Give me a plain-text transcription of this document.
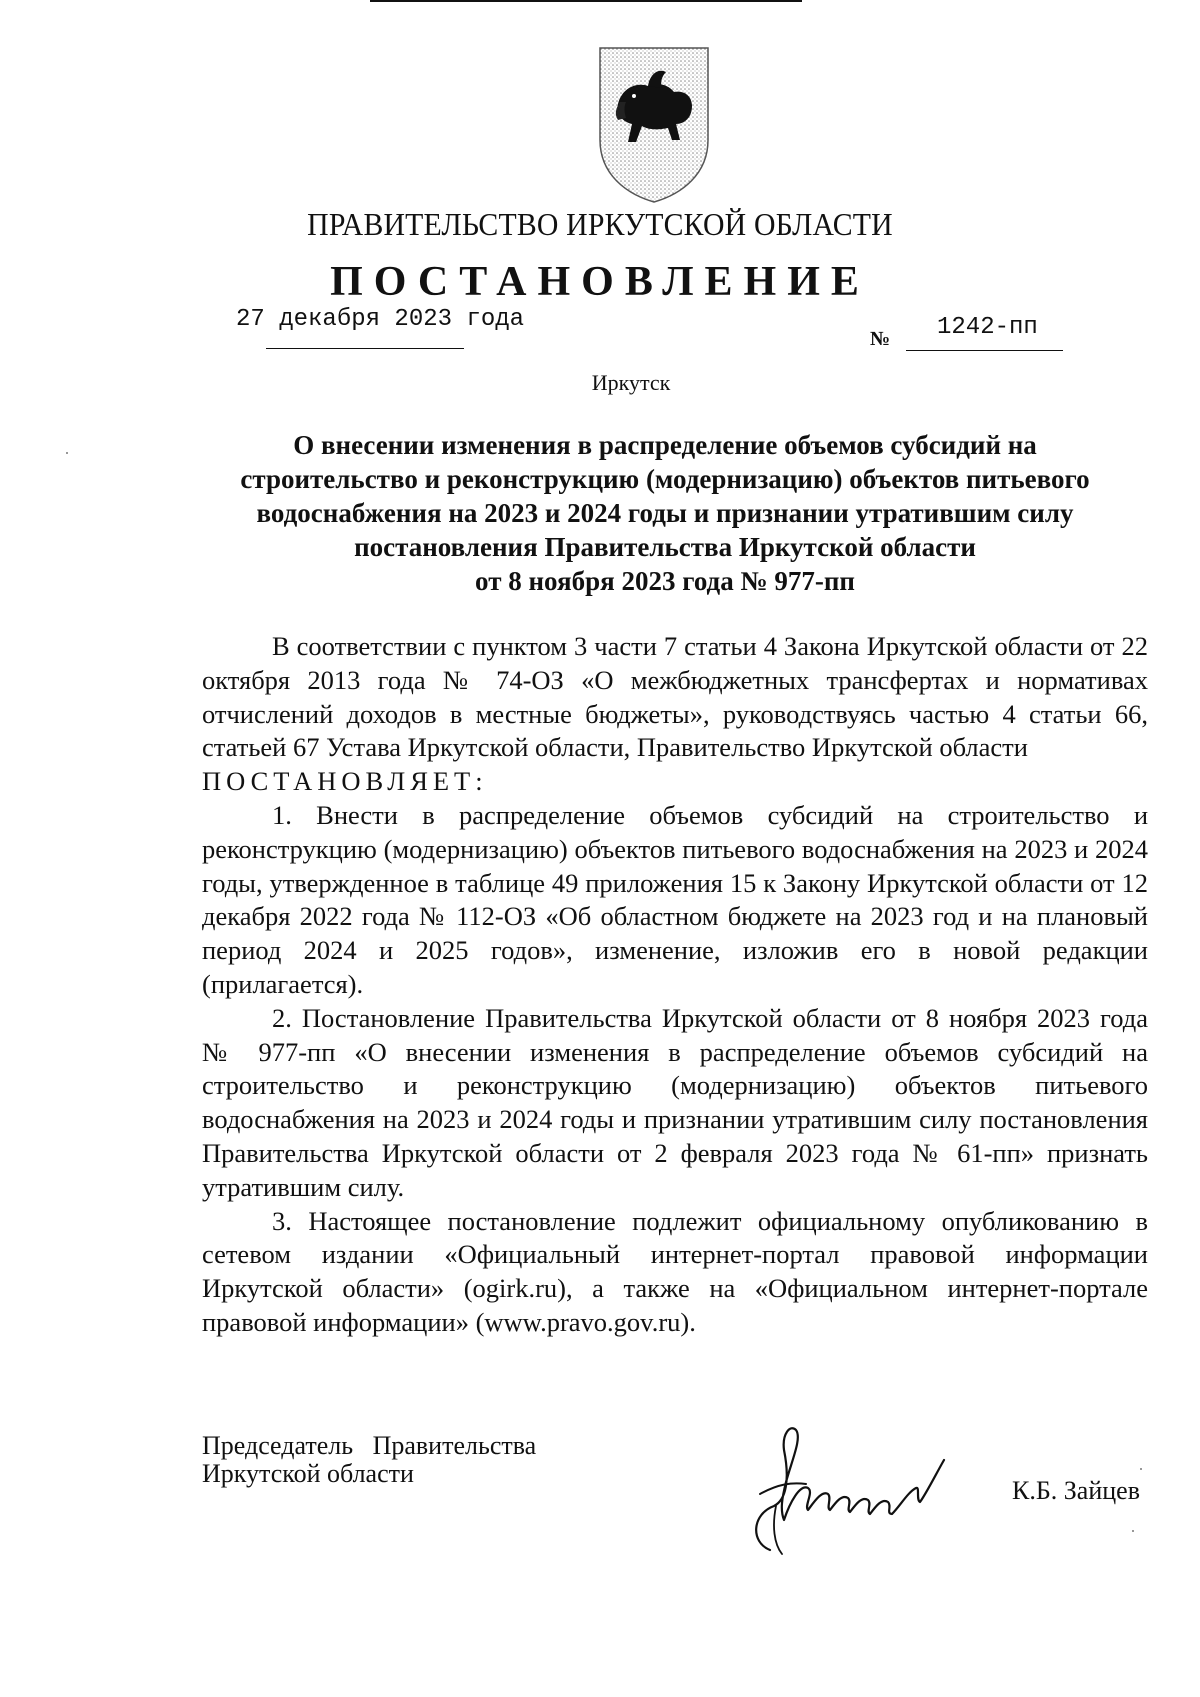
ПРАВИТЕЛЬСТВО ИРКУТСКОЙ ОБЛАСТИ
ПОСТАНОВЛЕНИЕ
27 декабря 2023 года
№ 1242-пп
Иркутск
О внесении изменения в распределение объемов субсидий на
строительство и реконструкцию (модернизацию) объектов питьевого
водоснабжения на 2023 и 2024 годы и признании утратившим силу
постановления Правительства Иркутской области
от 8 ноября 2023 года № 977-пп

В соответствии с пунктом 3 части 7 статьи 4 Закона Иркутской области от 22 октября 2013 года № 74-ОЗ «О межбюджетных трансфертах и нормативах отчислений доходов в местные бюджеты», руководствуясь частью 4 статьи 66, статьей 67 Устава Иркутской области, Правительство Иркутской области

ПОСТАНОВЛЯЕТ:

1. Внести в распределение объемов субсидий на строительство и реконструкцию (модернизацию) объектов питьевого водоснабжения на 2023 и 2024 годы, утвержденное в таблице 49 приложения 15 к Закону Иркутской области от 12 декабря 2022 года № 112-ОЗ «Об областном бюджете на 2023 год и на плановый период 2024 и 2025 годов», изменение, изложив его в новой редакции (прилагается).

2. Постановление Правительства Иркутской области от 8 ноября 2023 года № 977-пп «О внесении изменения в распределение объемов субсидий на строительство и реконструкцию (модернизацию) объектов питьевого водоснабжения на 2023 и 2024 годы и признании утратившим силу постановления Правительства Иркутской области от 2 февраля 2023 года № 61-пп» признать утратившим силу.

3. Настоящее постановление подлежит официальному опубликованию в сетевом издании «Официальный интернет-портал правовой информации Иркутской области» (ogirk.ru), а также на «Официальном интернет-портале правовой информации» (www.pravo.gov.ru).

Председатель   Правительства
Иркутской области
К.Б. Зайцев
